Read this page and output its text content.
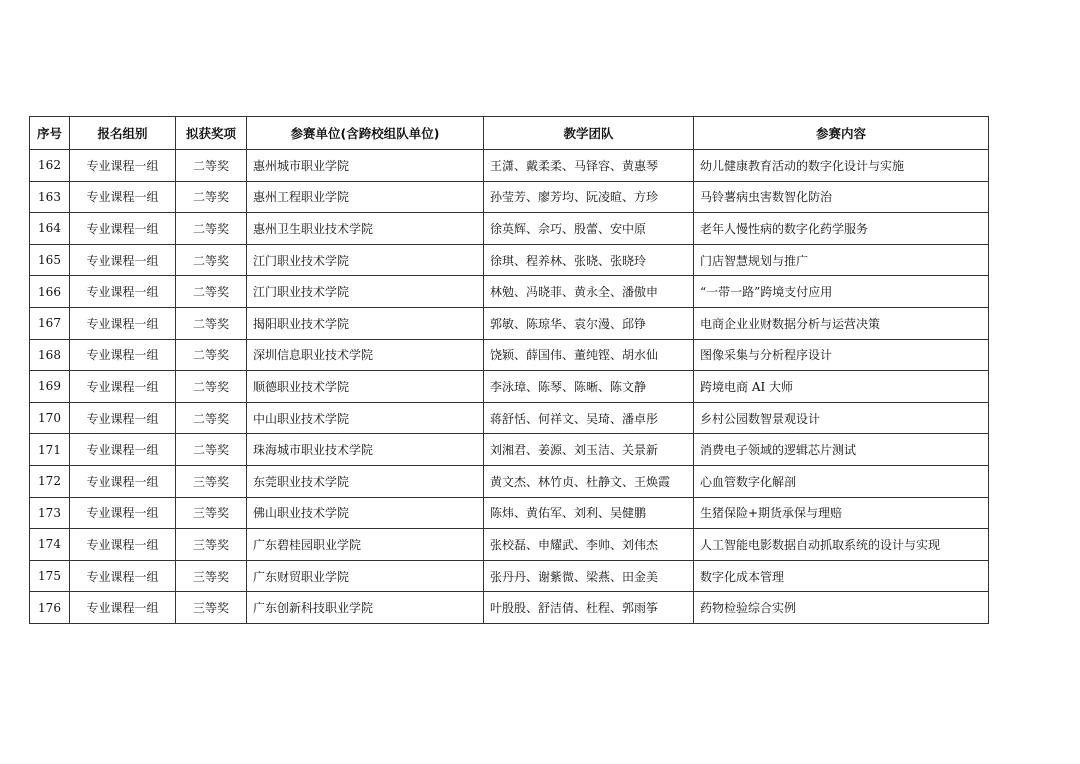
序号	报名组别	拟获奖项	参赛单位(含跨校组队单位)	教学团队	参赛内容
162	专业课程一组	二等奖	惠州城市职业学院	王潇、戴柔柔、马铎容、黄惠琴	幼儿健康教育活动的数字化设计与实施
163	专业课程一组	二等奖	惠州工程职业学院	孙莹芳、廖芳均、阮凌暄、方珍	马铃薯病虫害数智化防治
164	专业课程一组	二等奖	惠州卫生职业技术学院	徐英辉、佘巧、殷蕾、安中原	老年人慢性病的数字化药学服务
165	专业课程一组	二等奖	江门职业技术学院	徐琪、程养林、张晓、张晓玲	门店智慧规划与推广
166	专业课程一组	二等奖	江门职业技术学院	林勉、冯晓菲、黄永全、潘傲申	“一带一路”跨境支付应用
167	专业课程一组	二等奖	揭阳职业技术学院	郭敏、陈琼华、袁尔漫、邱铮	电商企业业财数据分析与运营决策
168	专业课程一组	二等奖	深圳信息职业技术学院	饶颖、薛国伟、董纯铿、胡水仙	图像采集与分析程序设计
169	专业课程一组	二等奖	顺德职业技术学院	李泳璋、陈琴、陈晰、陈文静	跨境电商 AI 大师
170	专业课程一组	二等奖	中山职业技术学院	蒋舒恬、何祥文、吴琦、潘卓彤	乡村公园数智景观设计
171	专业课程一组	二等奖	珠海城市职业技术学院	刘湘君、姜源、刘玉洁、关景新	消费电子领域的逻辑芯片测试
172	专业课程一组	三等奖	东莞职业技术学院	黄文杰、林竹贞、杜静文、王焕霞	心血管数字化解剖
173	专业课程一组	三等奖	佛山职业技术学院	陈炜、黄佑军、刘利、吴健鹏	生猪保险+期货承保与理赔
174	专业课程一组	三等奖	广东碧桂园职业学院	张校磊、申耀武、李帅、刘伟杰	人工智能电影数据自动抓取系统的设计与实现
175	专业课程一组	三等奖	广东财贸职业学院	张丹丹、谢紫微、梁燕、田金美	数字化成本管理
176	专业课程一组	三等奖	广东创新科技职业学院	叶殷殷、舒洁倩、杜程、郭雨筝	药物检验综合实例
